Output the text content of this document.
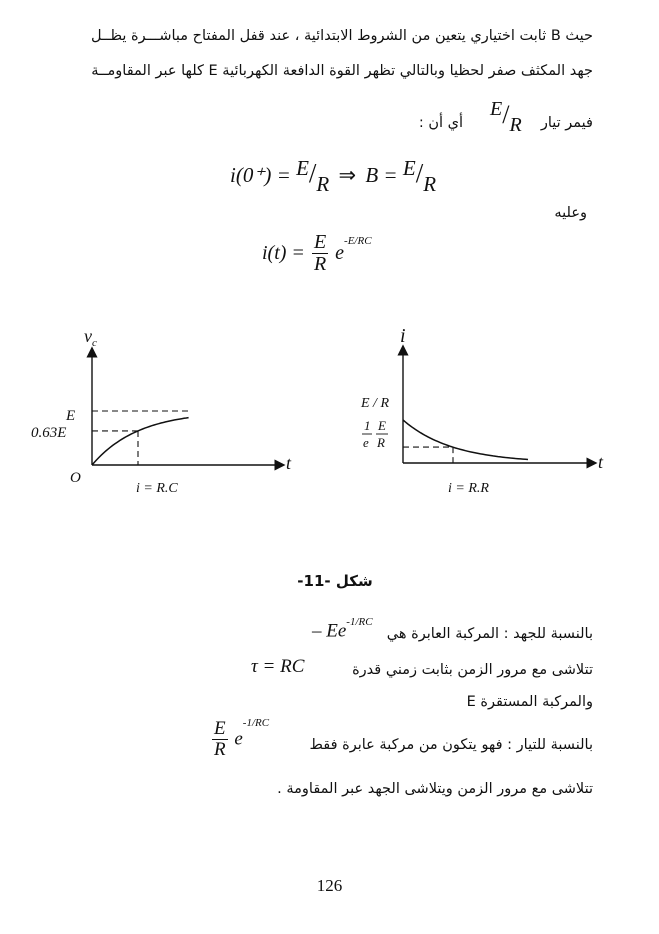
حيث B ثابت اختياري يتعين من الشروط الابتدائية ، عند قفل المفتاح مباشـــرة يظــل
جهد المكثف صفر لحظيا وبالتالي تظهر القوة الدافعة الكهربائية E كلها عبر المقاومــة
فيمر تيار
E/R
أي أن :
i(0⁺) = E/R ⇒ B = E/R
وعليه
$i(t) = \frac{E}{R} e^{-E/RC}$
$v_c$
t
O
E
0.63E
i = R.C
i
t
E / R
1
e
E
R
i = R.R
شكل -11-
بالنسبة للجهد : المركبة العابرة هي
– $Ee^{-1/RC}$
تتلاشى مع مرور الزمن بثابت زمني قدرة
τ = RC
والمركبة المستقرة E
بالنسبة للتيار : فهو يتكون من مركبة عابرة فقط
$\frac{E}{R} e^{-1/RC}$
تتلاشى مع مرور الزمن ويتلاشى الجهد عبر المقاومة .
126
